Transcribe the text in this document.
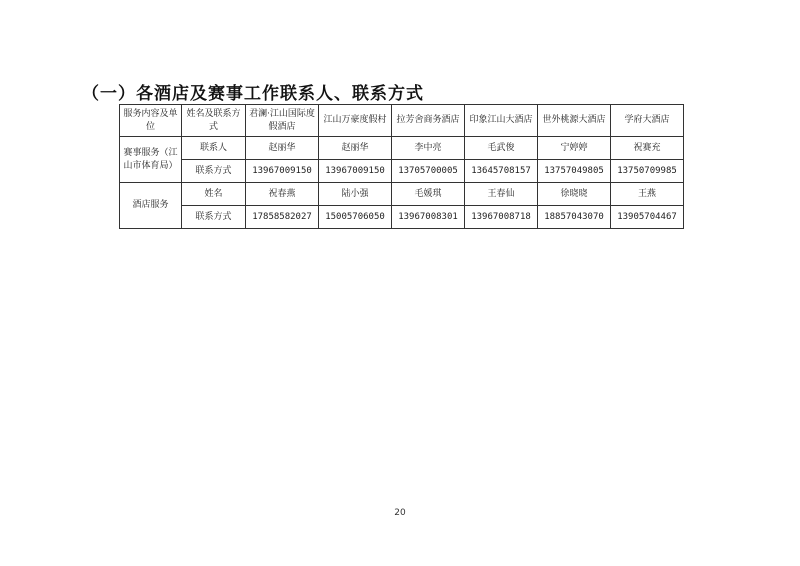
（一）各酒店及赛事工作联系人、联系方式
服务内容及单位	姓名及联系方式	君澜·江山国际度假酒店	江山万豪度假村	拉芳舍商务酒店	印象江山大酒店	世外桃源大酒店	学府大酒店
赛事服务（江山市体育局）	联系人	赵丽华	赵丽华	李中亮	毛武俊	宁婷婷	祝赛充
	联系方式	13967009150	13967009150	13705700005	13645708157	13757049805	13750709985
酒店服务	姓名	祝春燕	陆小强	毛媛琪	王春仙	徐晓晓	王燕
	联系方式	17858582027	15005706050	13967008301	13967008718	18857043070	13905704467
20
